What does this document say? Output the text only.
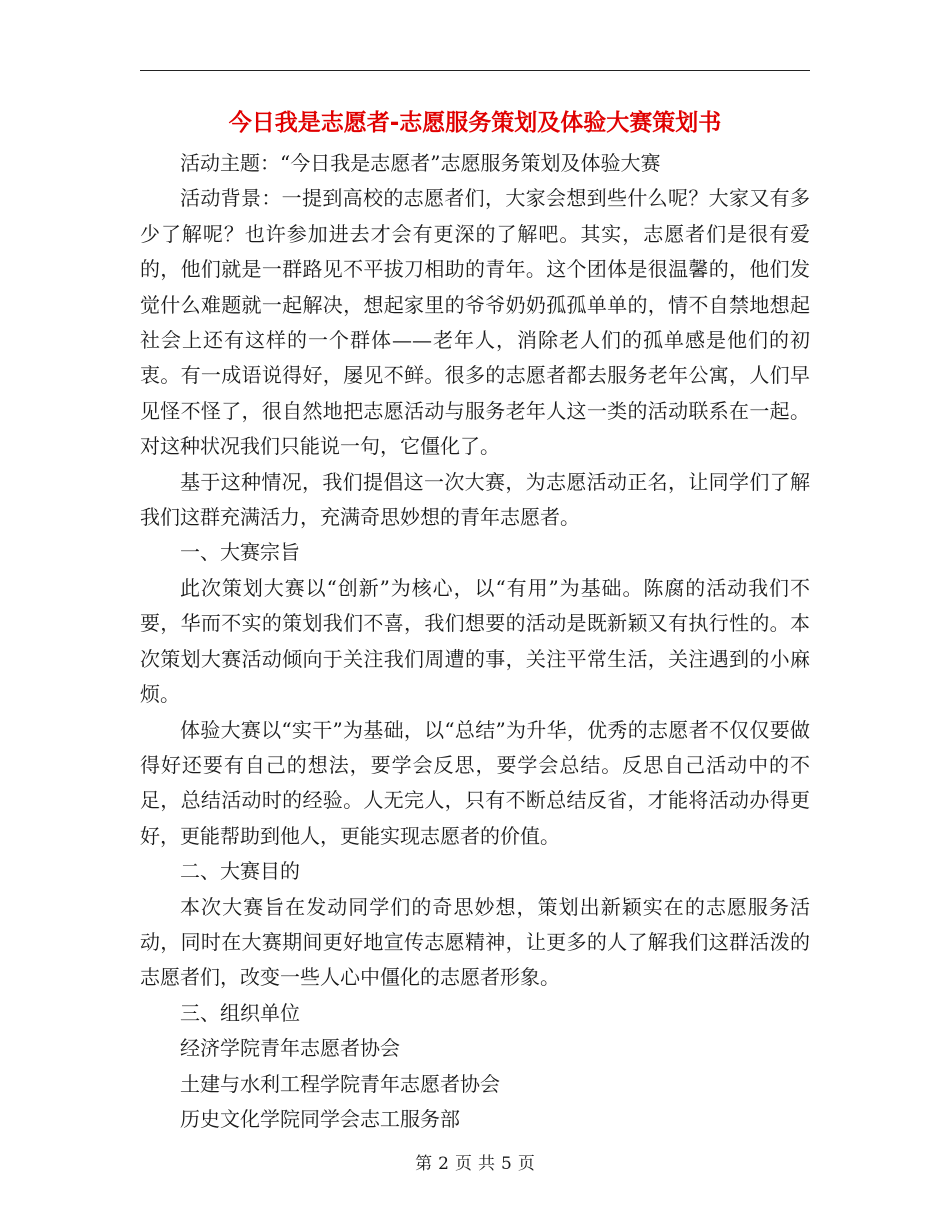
今日我是志愿者-志愿服务策划及体验大赛策划书

活动主题：“今日我是志愿者”志愿服务策划及体验大赛

活动背景：一提到高校的志愿者们，大家会想到些什么呢？大家又有多少了解呢？也许参加进去才会有更深的了解吧。其实，志愿者们是很有爱的，他们就是一群路见不平拔刀相助的青年。这个团体是很温馨的，他们发觉什么难题就一起解决，想起家里的爷爷奶奶孤孤单单的，情不自禁地想起社会上还有这样的一个群体——老年人，消除老人们的孤单感是他们的初衷。有一成语说得好，屡见不鲜。很多的志愿者都去服务老年公寓，人们早见怪不怪了，很自然地把志愿活动与服务老年人这一类的活动联系在一起。对这种状况我们只能说一句，它僵化了。

基于这种情况，我们提倡这一次大赛，为志愿活动正名，让同学们了解我们这群充满活力，充满奇思妙想的青年志愿者。

一、大赛宗旨

此次策划大赛以“创新”为核心，以“有用”为基础。陈腐的活动我们不要，华而不实的策划我们不喜，我们想要的活动是既新颖又有执行性的。本次策划大赛活动倾向于关注我们周遭的事，关注平常生活，关注遇到的小麻烦。

体验大赛以“实干”为基础，以“总结”为升华，优秀的志愿者不仅仅要做得好还要有自己的想法，要学会反思，要学会总结。反思自己活动中的不足，总结活动时的经验。人无完人，只有不断总结反省，才能将活动办得更好，更能帮助到他人，更能实现志愿者的价值。

二、大赛目的

本次大赛旨在发动同学们的奇思妙想，策划出新颖实在的志愿服务活动，同时在大赛期间更好地宣传志愿精神，让更多的人了解我们这群活泼的志愿者们，改变一些人心中僵化的志愿者形象。

三、组织单位

经济学院青年志愿者协会

土建与水利工程学院青年志愿者协会

历史文化学院同学会志工服务部

第 2 页 共 5 页
